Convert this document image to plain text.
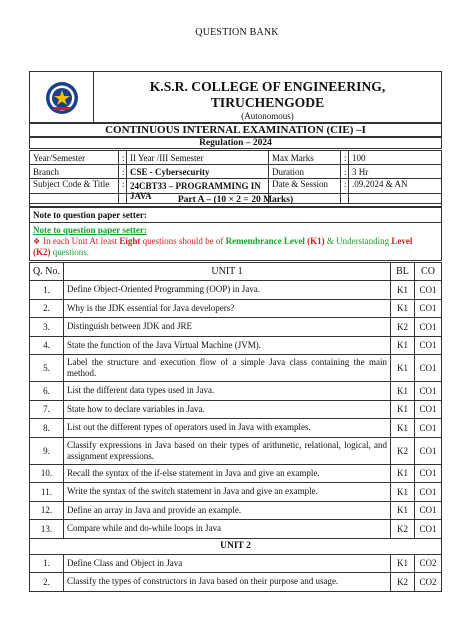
QUESTION BANK

K.S.R. COLLEGE OF ENGINEERING, TIRUCHENGODE
(Autonomous)
CONTINUOUS INTERNAL EXAMINATION (CIE) –I
Regulation – 2024
Year/Semester	:	II Year /III Semester	Max Marks	:	100
Branch	:	CSE - Cybersecurity	Duration	:	3 Hr
Subject Code & Title	:	24CBT33 – PROGRAMMING IN JAVA	Date & Session	:	.09.2024 & AN
Part A – (10 × 2 = 20 Marks)
Note to question paper setter:

Note to question paper setter:
❖ In each Unit At least Eight questions should be of Remembrance Level (K1) & Understanding Level
(K2) questions.
Q. No.	UNIT 1	BL	CO
1.	Define Object-Oriented Programming (OOP) in Java.	K1	CO1
2.	Why is the JDK essential for Java developers?	K1	CO1
3.	Distinguish between JDK and JRE	K2	CO1
4.	State the function of the Java Virtual Machine (JVM).	K1	CO1
5.	Label the structure and execution flow of a simple Java class containing the main method.	K1	CO1
6.	List the different data types used in Java.	K1	CO1
7.	State how to declare variables in Java.	K1	CO1
8.	List out the different types of operators used in Java with examples.	K1	CO1
9.	Classify expressions in Java based on their types of arithmetic, relational, logical, and assignment expressions.	K2	CO1
10.	Recall the syntax of the if-else statement in Java and give an example.	K1	CO1
11.	Write the syntax of the switch statement in Java and give an example.	K1	CO1
12.	Define an array in Java and provide an example.	K1	CO1
13.	Compare while and do-while loops in Java	K2	CO1
UNIT 2			
1.	Define Class and Object in Java	K1	CO2
2.	Classify the types of constructors in Java based on their purpose and usage.	K2	CO2
